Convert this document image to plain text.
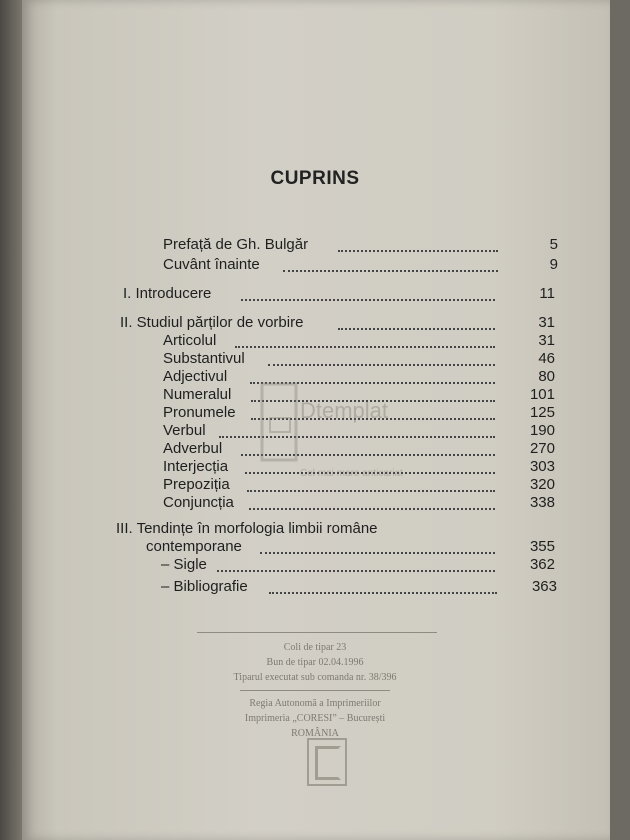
CUPRINS
Prefață de Gh. Bulgăr	5
Cuvânt înainte	9
I. Introducere	11
II. Studiul părților de vorbire	31
Articolul	31
Substantivul	46
Adjectivul	80
Numeralul	101
Pronumele	125
Verbul	190
Adverbul	270
Interjecția	303
Prepoziția	320
Conjuncția	338
III. Tendințe în morfologia limbii române
contemporane	355
– Sigle	362
– Bibliografie	363
Dtemplat
Cel mai mare anticariat
Coli de tipar 23
Bun de tipar 02.04.1996
Tiparul executat sub comanda nr. 38/396
Regia Autonomă a Imprimeriilor
Imprimeria „CORESI” – București
ROMÂNIA
